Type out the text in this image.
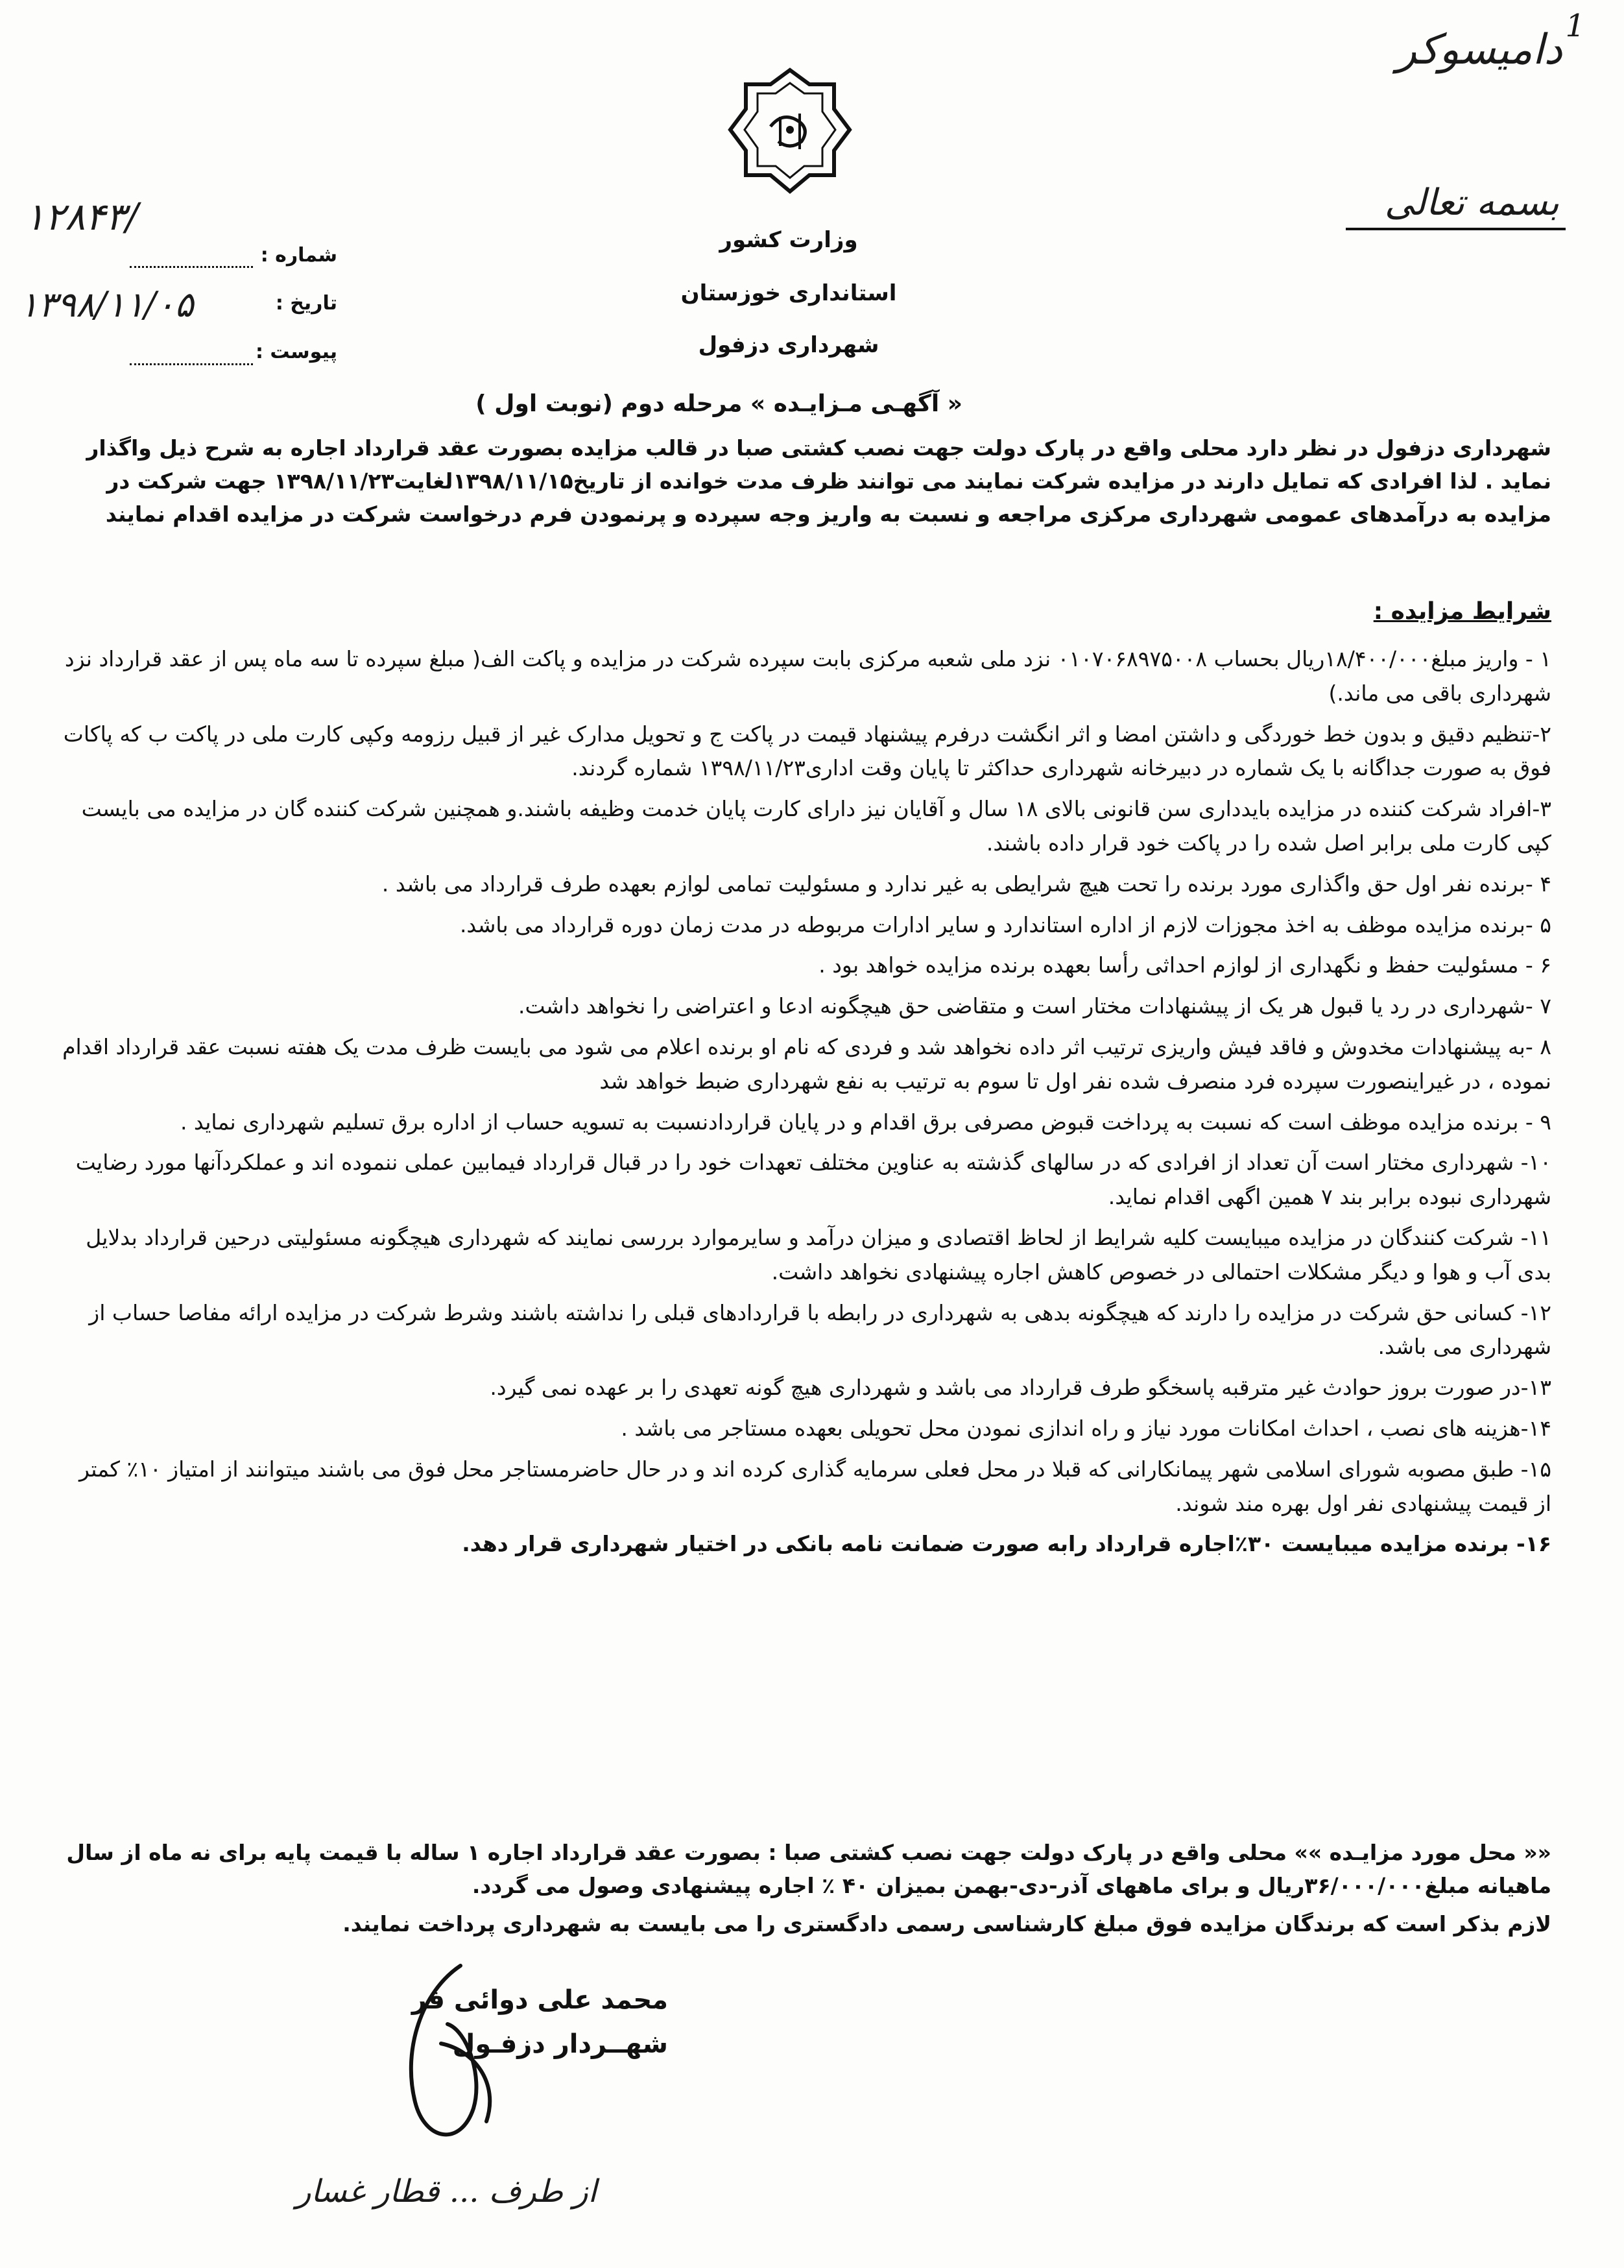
1
دامیسوکر
بسمه تعالی
وزارت کشور
استانداری خوزستان
شهرداری دزفول
۱۲۸۴۳/
شماره :
۱۳۹۸/۱۱/۰۵	تاریخ :
پیوست :
« آگهـی مـزایـده » مرحله دوم (نوبت اول )
شهرداری دزفول در نظر دارد محلی واقع در پارک دولت جهت نصب کشتی صبا در قالب مزایده بصورت عقد قرارداد اجاره به شرح ذیل واگذار نماید . لذا افرادی که تمایل دارند در مزایده شرکت نمایند می توانند ظرف مدت خوانده از تاریخ۱۳۹۸/۱۱/۱۵لغایت۱۳۹۸/۱۱/۲۳ جهت شرکت در مزایده به درآمدهای عمومی شهرداری مرکزی مراجعه و نسبت به واریز وجه سپرده و پرنمودن فرم درخواست شرکت در مزایده اقدام نمایند
شرایط مزایده :

۱ - واریز مبلغ۱۸/۴۰۰/۰۰۰ریال بحساب ۰۱۰۷۰۶۸۹۷۵۰۰۸ نزد ملی شعبه مرکزی بابت سپرده شرکت در مزایده و پاکت الف( مبلغ سپرده تا سه ماه پس از عقد قرارداد نزد شهرداری باقی می ماند.)

۲-تنظیم دقیق و بدون خط خوردگی و داشتن امضا و اثر انگشت درفرم پیشنهاد قیمت در پاکت ج و تحویل مدارک غیر از قبیل رزومه وکپی کارت ملی در پاکت ب که پاکات فوق به صورت جداگانه با یک شماره در دبیرخانه شهرداری حداکثر تا پایان وقت اداری۱۳۹۸/۱۱/۲۳ شماره گردند.

۳-افراد شرکت کننده در مزایده بایدداری سن قانونی بالای ۱۸ سال و آقایان نیز دارای کارت پایان خدمت وظیفه باشند.و همچنین شرکت کننده گان در مزایده می بایست کپی کارت ملی برابر اصل شده را در پاکت خود قرار داده باشند.

۴ -برنده نفر اول حق واگذاری مورد برنده را تحت هیچ شرایطی به غیر ندارد و مسئولیت تمامی لوازم بعهده طرف قرارداد می باشد .

۵ -برنده مزایده موظف به اخذ مجوزات لازم از اداره استاندارد و سایر ادارات مربوطه در مدت زمان دوره قرارداد می باشد.

۶ - مسئولیت حفظ و نگهداری از لوازم احداثی رأسا بعهده برنده مزایده خواهد بود .

۷ -شهرداری در رد یا قبول هر یک از پیشنهادات مختار است و متقاضی حق هیچگونه ادعا و اعتراضی را نخواهد داشت.

۸ -به پیشنهادات مخدوش و فاقد فیش واریزی ترتیب اثر داده نخواهد شد و فردی که نام او برنده اعلام می شود می بایست ظرف مدت یک هفته نسبت عقد قرارداد اقدام نموده ، در غیراینصورت سپرده فرد منصرف شده نفر اول تا سوم به ترتیب به نفع شهرداری ضبط خواهد شد

۹ - برنده مزایده موظف است که نسبت به پرداخت قبوض مصرفی برق اقدام و در پایان قراردادنسبت به تسویه حساب از اداره برق تسلیم شهرداری نماید .

۱۰- شهرداری مختار است آن تعداد از افرادی که در سالهای گذشته به عناوین مختلف تعهدات خود را در قبال قرارداد فیمابین عملی ننموده اند و عملکردآنها مورد رضایت شهرداری نبوده برابر بند ۷ همین اگهی اقدام نماید.

۱۱- شرکت کنندگان در مزایده میبایست کلیه شرایط از لحاظ اقتصادی و میزان درآمد و سایرموارد بررسی نمایند که شهرداری هیچگونه مسئولیتی درحین قرارداد بدلایل بدی آب و هوا و دیگر مشکلات احتمالی در خصوص کاهش اجاره پیشنهادی نخواهد داشت.

۱۲- کسانی حق شرکت در مزایده را دارند که هیچگونه بدهی به شهرداری در رابطه با قراردادهای قبلی را نداشته باشند وشرط شرکت در مزایده ارائه مفاصا حساب از شهرداری می باشد.

۱۳-در صورت بروز حوادث غیر مترقبه پاسخگو طرف قرارداد می باشد و شهرداری هیچ گونه تعهدی را بر عهده نمی گیرد.

۱۴-هزینه های نصب ، احداث امکانات مورد نیاز و راه اندازی نمودن محل تحویلی بعهده مستاجر می باشد .

۱۵- طبق مصوبه شورای اسلامی شهر پیمانکارانی که قبلا در محل فعلی سرمایه گذاری کرده اند و در حال حاضرمستاجر محل فوق می باشند میتوانند از امتیاز ۱۰٪ کمتر از قیمت پیشنهادی نفر اول بهره مند شوند.

۱۶- برنده مزایده میبایست ۳۰٪اجاره قرارداد رابه صورت ضمانت نامه بانکی در اختیار شهرداری قرار دهد.

«« محل مورد مزایـده »» محلی واقع در پارک دولت جهت نصب کشتی صبا : بصورت عقد قرارداد اجاره ۱ ساله با قیمت پایه برای نه ماه از سال ماهیانه مبلغ۳۶/۰۰۰/۰۰۰ریال و برای ماههای آذر-دی-بهمن بمیزان ۴۰ ٪ اجاره پیشنهادی وصول می گردد.
لازم بذکر است که برندگان مزایده فوق مبلغ کارشناسی رسمی دادگستری را می بایست به شهرداری پرداخت نمایند.
محمد علی دوائی فر
شهــردار دزفـول
از طرف ... قطار غسار
